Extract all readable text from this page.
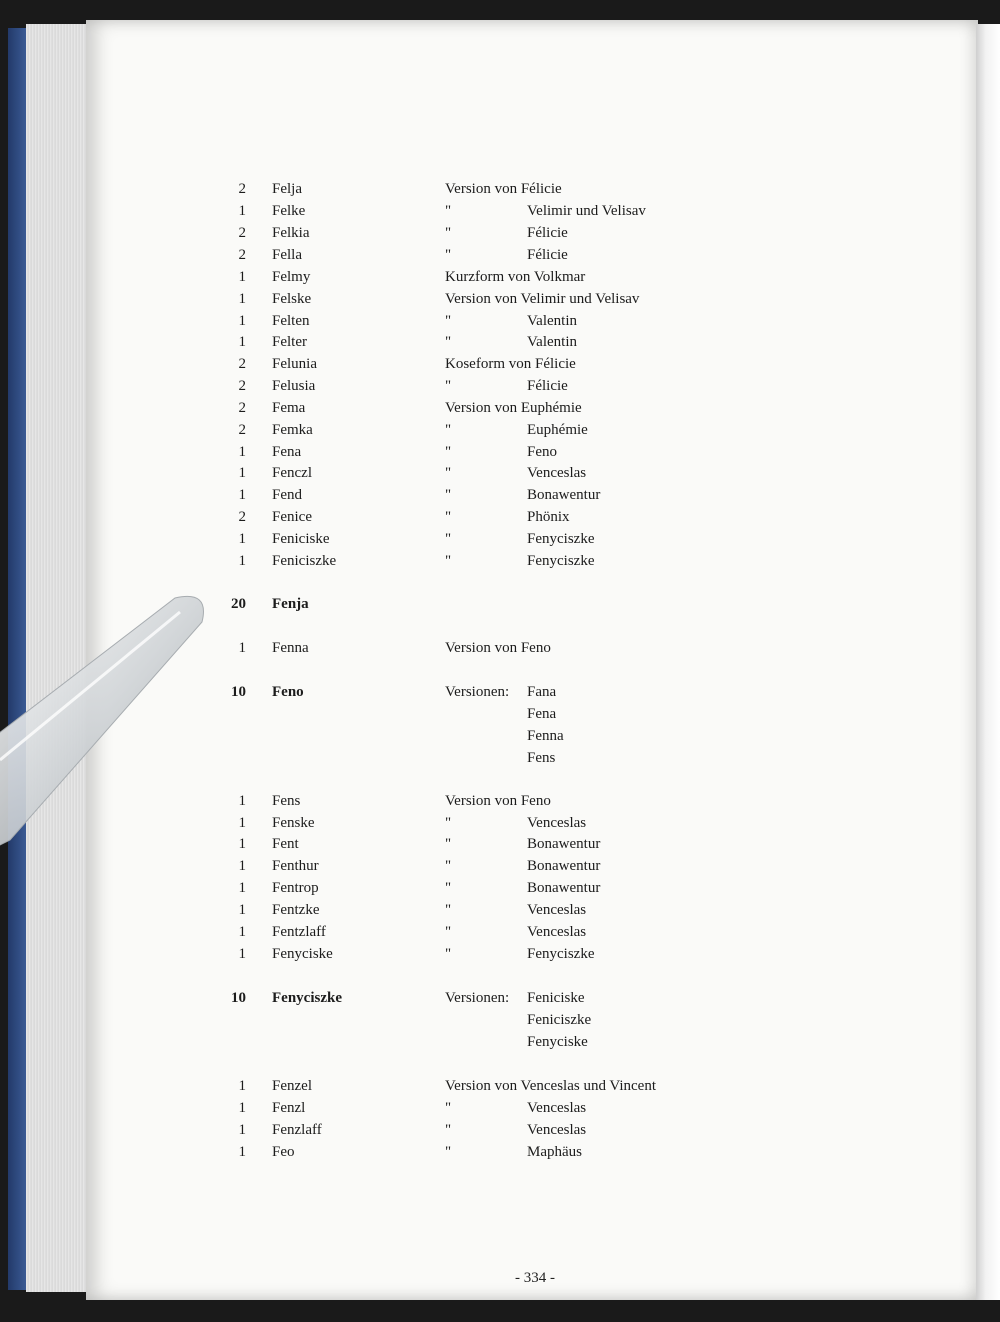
2 Felja	Version von Félicie
1 Felke	"	Velimir und Velisav
2 Felkia	"	Félicie
2 Fella	"	Félicie
1 Felmy	Kurzform von Volkmar
1 Felske	Version von Velimir und Velisav
1 Felten	"	Valentin
1 Felter	"	Valentin
2 Felunia	Koseform von Félicie
2 Felusia	"	Félicie
2 Fema	Version von Euphémie
2 Femka	"	Euphémie
1 Fena	"	Feno
1 Fenczl	"	Venceslas
1 Fend	"	Bonawentur
2 Fenice	"	Phönix
1 Feniciske	"	Fenyciszke
1 Feniciszke	"	Fenyciszke
20 Fenja
1 Fenna	Version von Feno
10 Feno	Versionen: Fana
Fena
Fenna
Fens
1 Fens	Version von Feno
1 Fenske	"	Venceslas
1 Fent	"	Bonawentur
1 Fenthur	"	Bonawentur
1 Fentrop	"	Bonawentur
1 Fentzke	"	Venceslas
1 Fentzlaff	"	Venceslas
1 Fenyciske	"	Fenyciszke
10 Fenyciszke	Versionen: Feniciske
Feniciszke
Fenyciske
1 Fenzel	Version von Venceslas und Vincent
1 Fenzl	"	Venceslas
1 Fenzlaff	"	Venceslas
1 Feo	"	Maphäus
- 334 -
